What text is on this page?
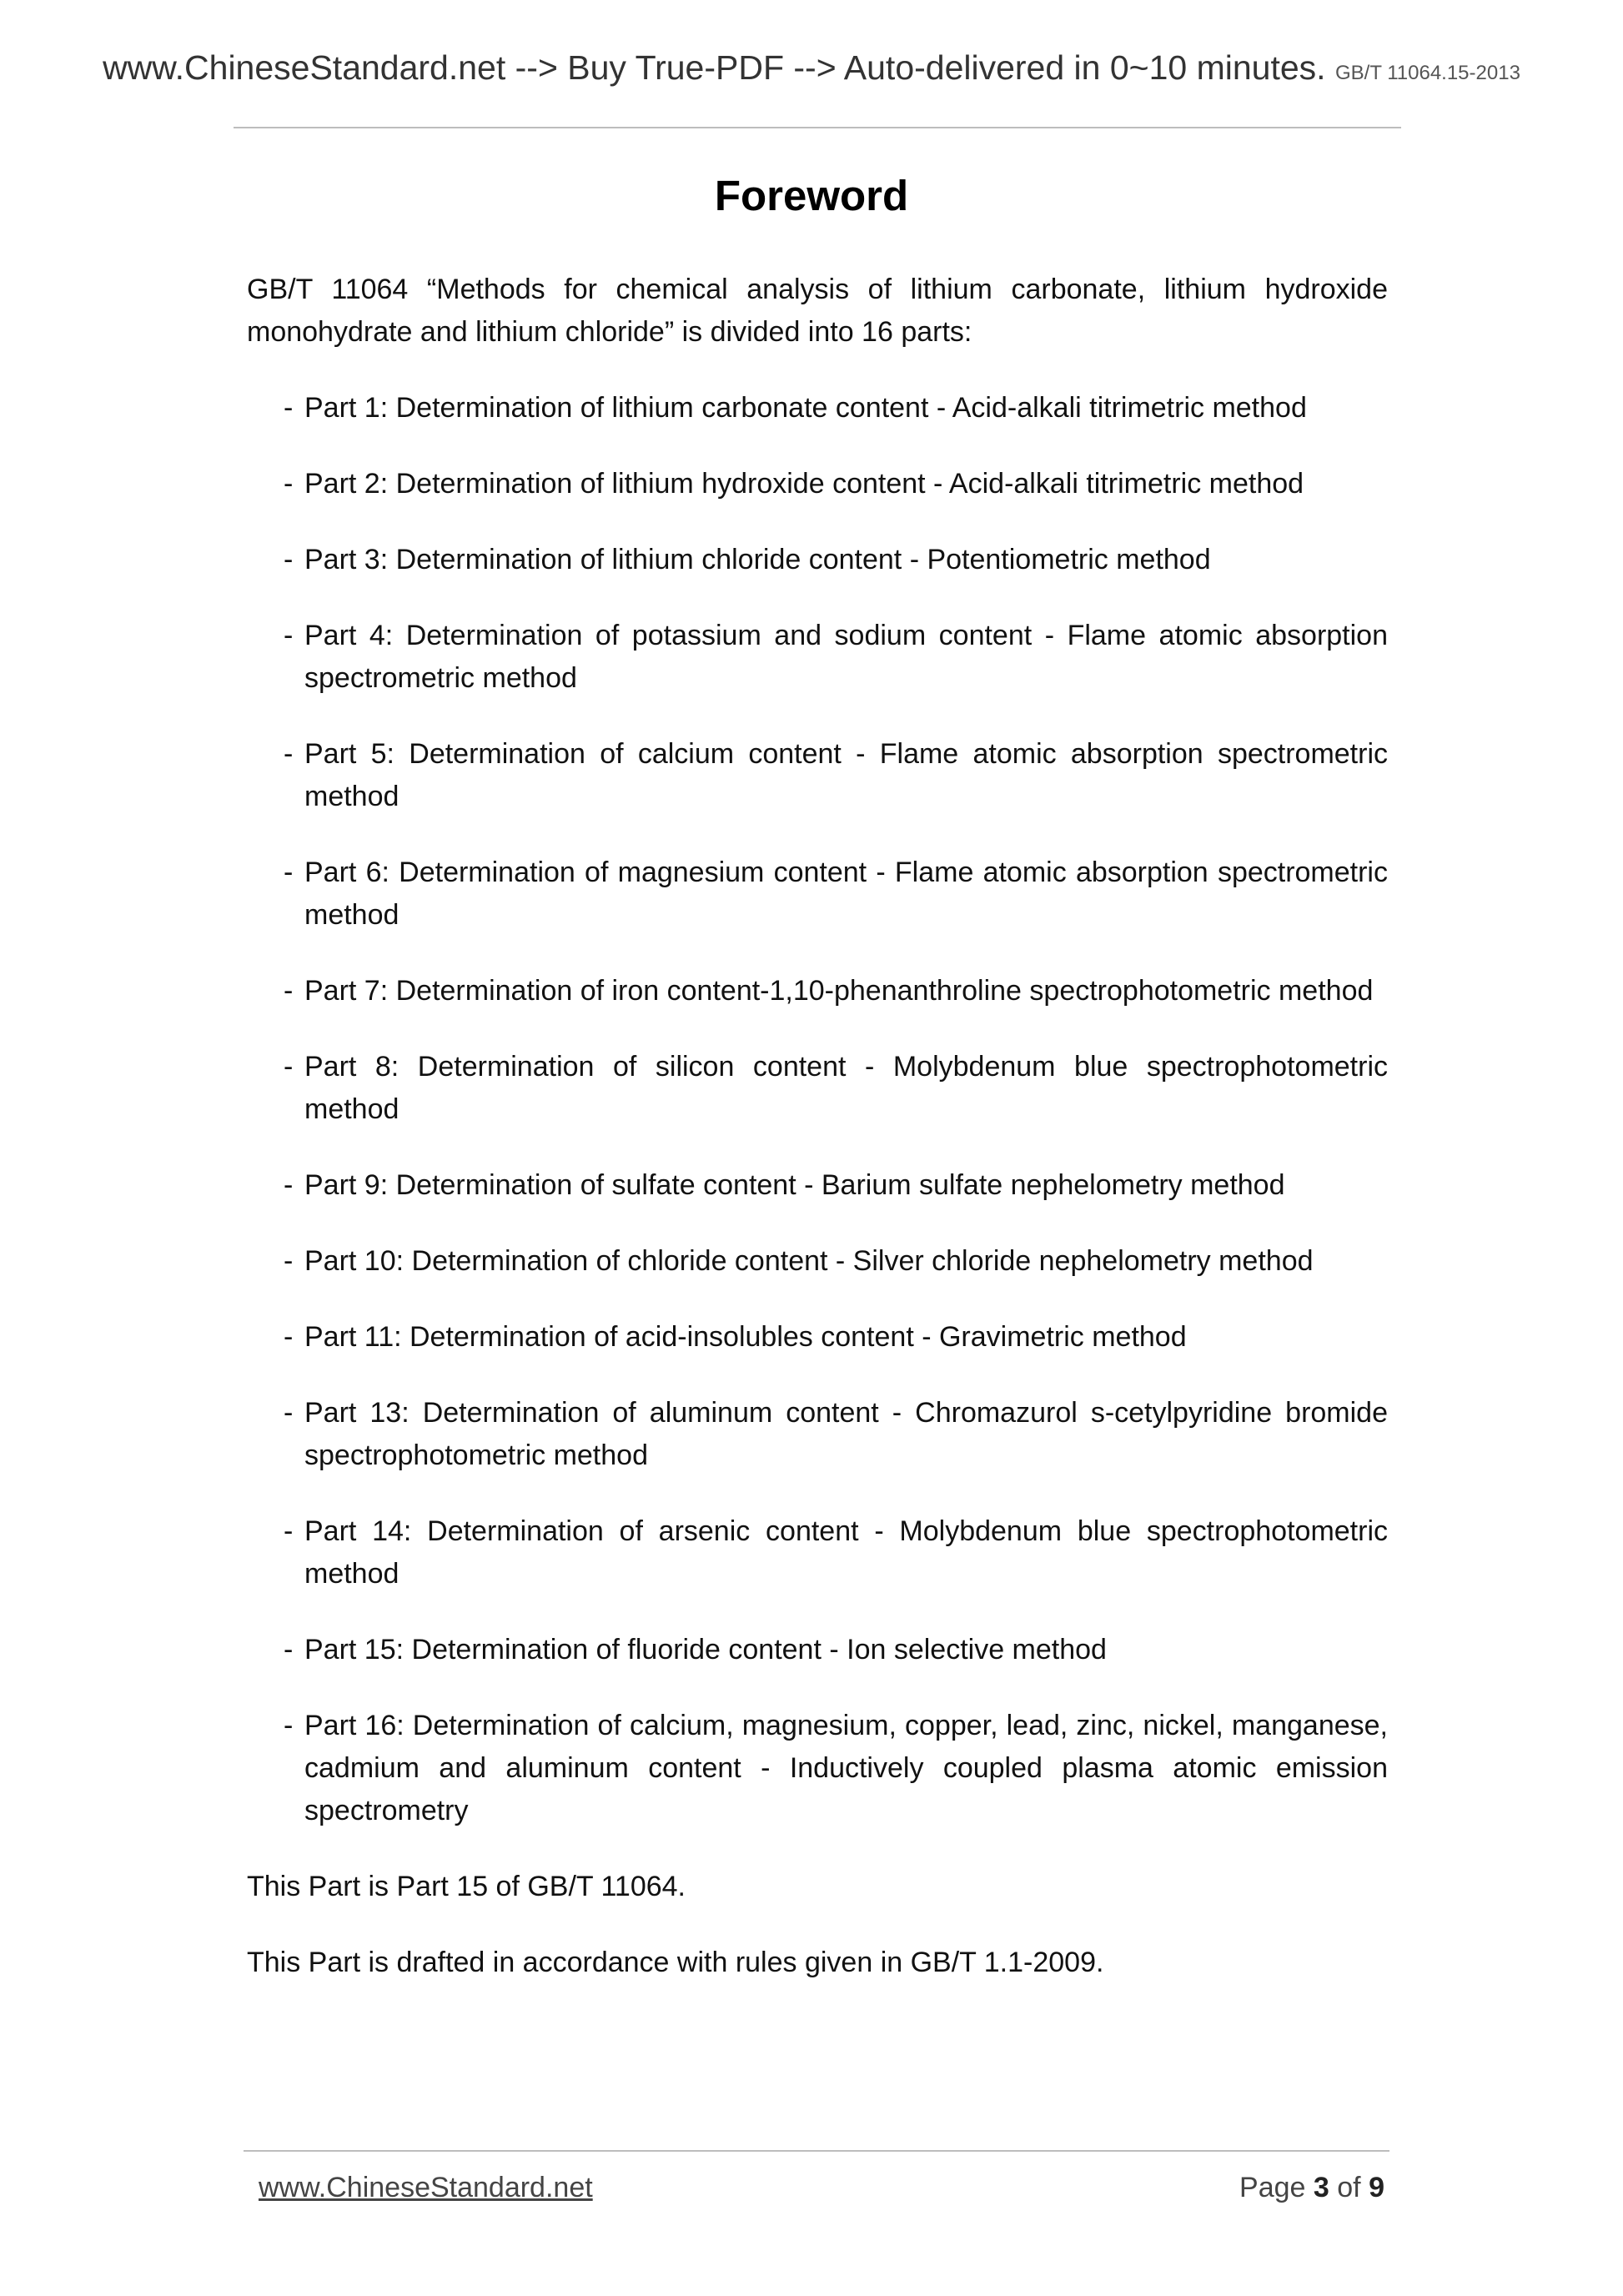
www.ChineseStandard.net --> Buy True-PDF --> Auto-delivered in 0~10 minutes. GB/T 11064.15-2013
Foreword

GB/T 11064 “Methods for chemical analysis of lithium carbonate, lithium hydroxide monohydrate and lithium chloride” is divided into 16 parts:

- Part 1: Determination of lithium carbonate content - Acid-alkali titrimetric method
- Part 2: Determination of lithium hydroxide content - Acid-alkali titrimetric method
- Part 3: Determination of lithium chloride content - Potentiometric method
- Part 4: Determination of potassium and sodium content - Flame atomic absorption spectrometric method
- Part 5: Determination of calcium content - Flame atomic absorption spectrometric method
- Part 6: Determination of magnesium content - Flame atomic absorption spectrometric method
- Part 7: Determination of iron content-1,10-phenanthroline spectrophotometric method
- Part 8: Determination of silicon content - Molybdenum blue spectrophotometric method
- Part 9: Determination of sulfate content - Barium sulfate nephelometry method
- Part 10: Determination of chloride content - Silver chloride nephelometry method
- Part 11: Determination of acid-insolubles content - Gravimetric method
- Part 13: Determination of aluminum content - Chromazurol s-cetylpyridine bromide spectrophotometric method
- Part 14: Determination of arsenic content - Molybdenum blue spectrophotometric method
- Part 15: Determination of fluoride content - Ion selective method
- Part 16: Determination of calcium, magnesium, copper, lead, zinc, nickel, manganese, cadmium and aluminum content - Inductively coupled plasma atomic emission spectrometry

This Part is Part 15 of GB/T 11064.

This Part is drafted in accordance with rules given in GB/T 1.1-2009.

www.ChineseStandard.net	Page 3 of 9
